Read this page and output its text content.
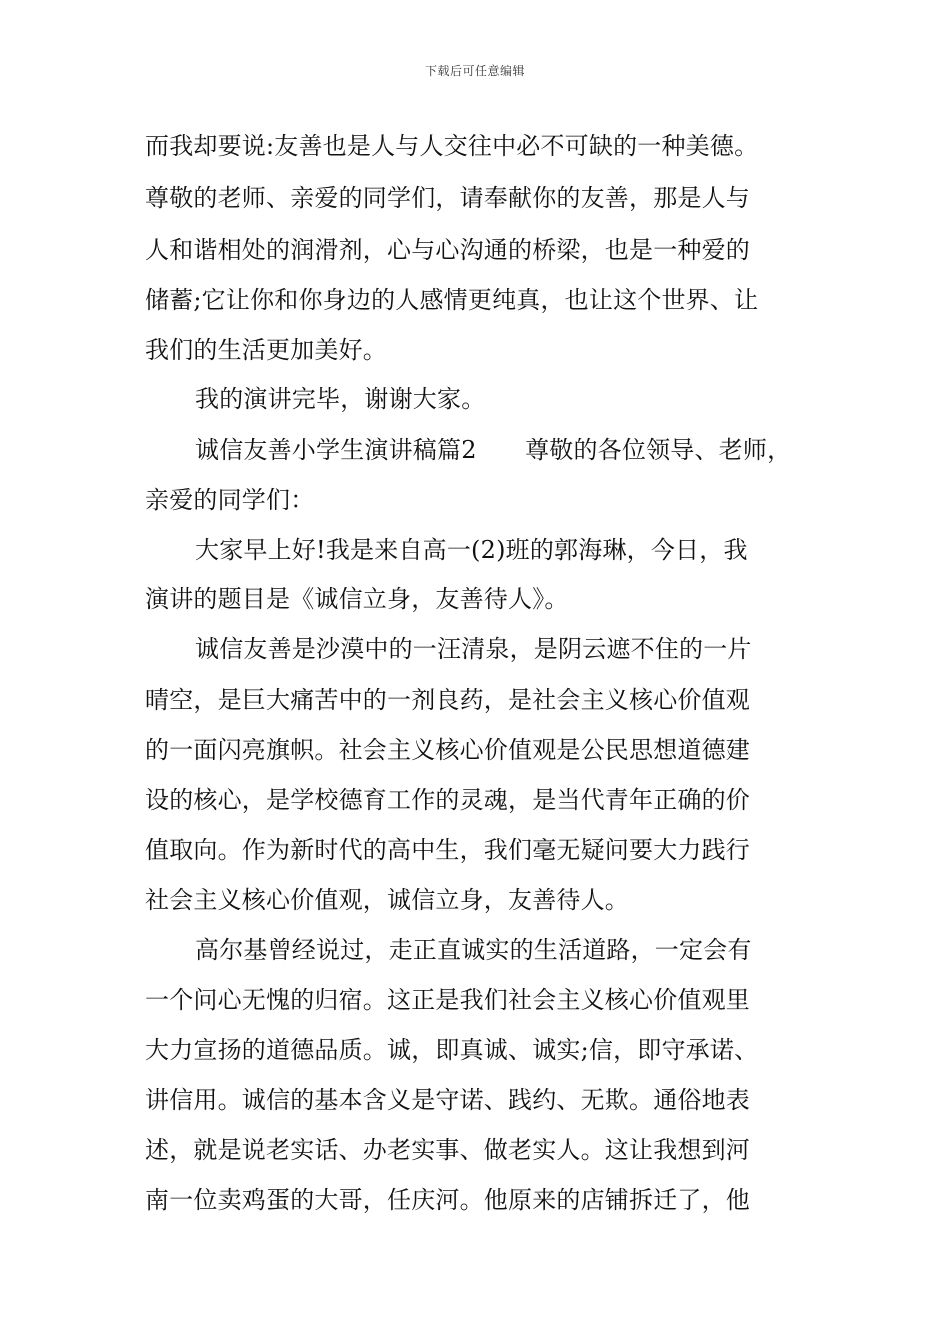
下载后可任意编辑
而我却要说:友善也是人与人交往中必不可缺的一种美德。
尊敬的老师、亲爱的同学们，请奉献你的友善，那是人与
人和谐相处的润滑剂，心与心沟通的桥梁，也是一种爱的
储蓄;它让你和你身边的人感情更纯真，也让这个世界、让
我们的生活更加美好。
我的演讲完毕，谢谢大家。
诚信友善小学生演讲稿篇2　　尊敬的各位领导、老师，
亲爱的同学们：
大家早上好!我是来自高一(2)班的郭海琳，今日，我
演讲的题目是《诚信立身，友善待人》。
诚信友善是沙漠中的一汪清泉，是阴云遮不住的一片
晴空，是巨大痛苦中的一剂良药，是社会主义核心价值观
的一面闪亮旗帜。社会主义核心价值观是公民思想道德建
设的核心，是学校德育工作的灵魂，是当代青年正确的价
值取向。作为新时代的高中生，我们毫无疑问要大力践行
社会主义核心价值观，诚信立身，友善待人。
高尔基曾经说过，走正直诚实的生活道路，一定会有
一个问心无愧的归宿。这正是我们社会主义核心价值观里
大力宣扬的道德品质。诚，即真诚、诚实;信，即守承诺、
讲信用。诚信的基本含义是守诺、践约、无欺。通俗地表
述，就是说老实话、办老实事、做老实人。这让我想到河
南一位卖鸡蛋的大哥，任庆河。他原来的店铺拆迁了，他
